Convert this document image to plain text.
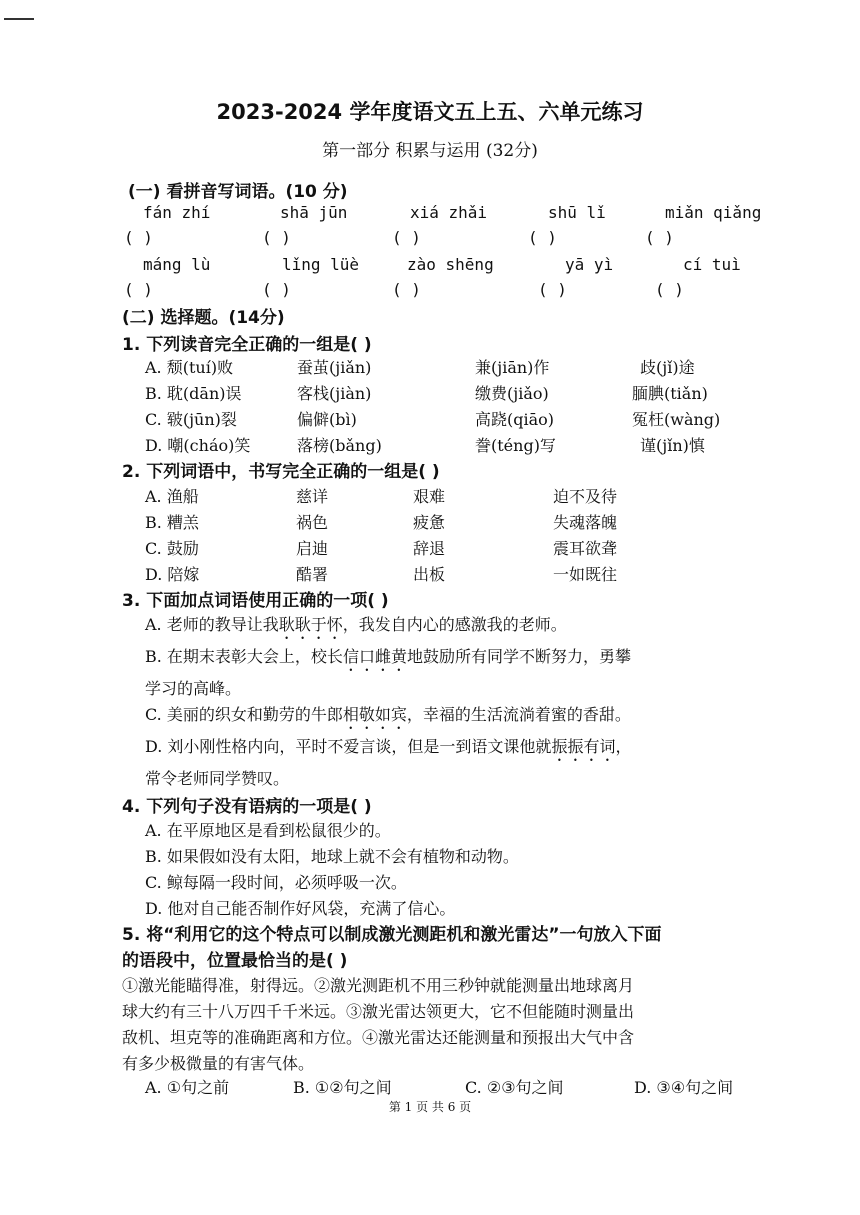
2023-2024 学年度语文五上五、六单元练习
第一部分 积累与运用 (32分)
(一) 看拼音写词语。(10 分)
fán zhí	shā jūn	xiá zhǎi	shū lǐ	miǎn qiǎng
( )	( )	( )	( )	( )
máng lù	lǐng lüè	zào shēng	yā yì	cí tuì
( )	( )	( )	( )	( )
(二) 选择题。(14分)
1. 下列读音完全正确的一组是( )
A. 颓(tuí)败	蚕茧(jiǎn)	兼(jiān)作	歧(jǐ)途
B. 耽(dān)误	客栈(jiàn)	缴费(jiǎo)	腼腆(tiǎn)
C. 皲(jūn)裂	偏僻(bì)	高跷(qiāo)	冤枉(wàng)
D. 嘲(cháo)笑	落榜(bǎng)	誊(téng)写	谨(jǐn)慎
2. 下列词语中，书写完全正确的一组是( )
A. 渔船	慈详	艰难	迫不及待
B. 糟羔	祸色	疲惫	失魂落魄
C. 鼓励	启迪	辞退	震耳欲聋
D. 陪嫁	酷署	出板	一如既往
3. 下面加点词语使用正确的一项( )
A. 老师的教导让我耿耿于怀，我发自内心的感激我的老师。
B. 在期末表彰大会上，校长信口雌黄地鼓励所有同学不断努力，勇攀
学习的高峰。
C. 美丽的织女和勤劳的牛郎相敬如宾，幸福的生活流淌着蜜的香甜。
D. 刘小刚性格内向，平时不爱言谈，但是一到语文课他就振振有词，
常令老师同学赞叹。
4. 下列句子没有语病的一项是( )
A. 在平原地区是看到松鼠很少的。
B. 如果假如没有太阳，地球上就不会有植物和动物。
C. 鲸每隔一段时间，必须呼吸一次。
D. 他对自己能否制作好风袋，充满了信心。
5. 将“利用它的这个特点可以制成激光测距机和激光雷达”一句放入下面
的语段中，位置最恰当的是( )
①激光能瞄得准，射得远。②激光测距机不用三秒钟就能测量出地球离月
球大约有三十八万四千千米远。③激光雷达领更大，它不但能随时测量出
敌机、坦克等的准确距离和方位。④激光雷达还能测量和预报出大气中含
有多少极微量的有害气体。
A. ①句之前	B. ①②句之间	C. ②③句之间	D. ③④句之间
第 1 页 共 6 页
